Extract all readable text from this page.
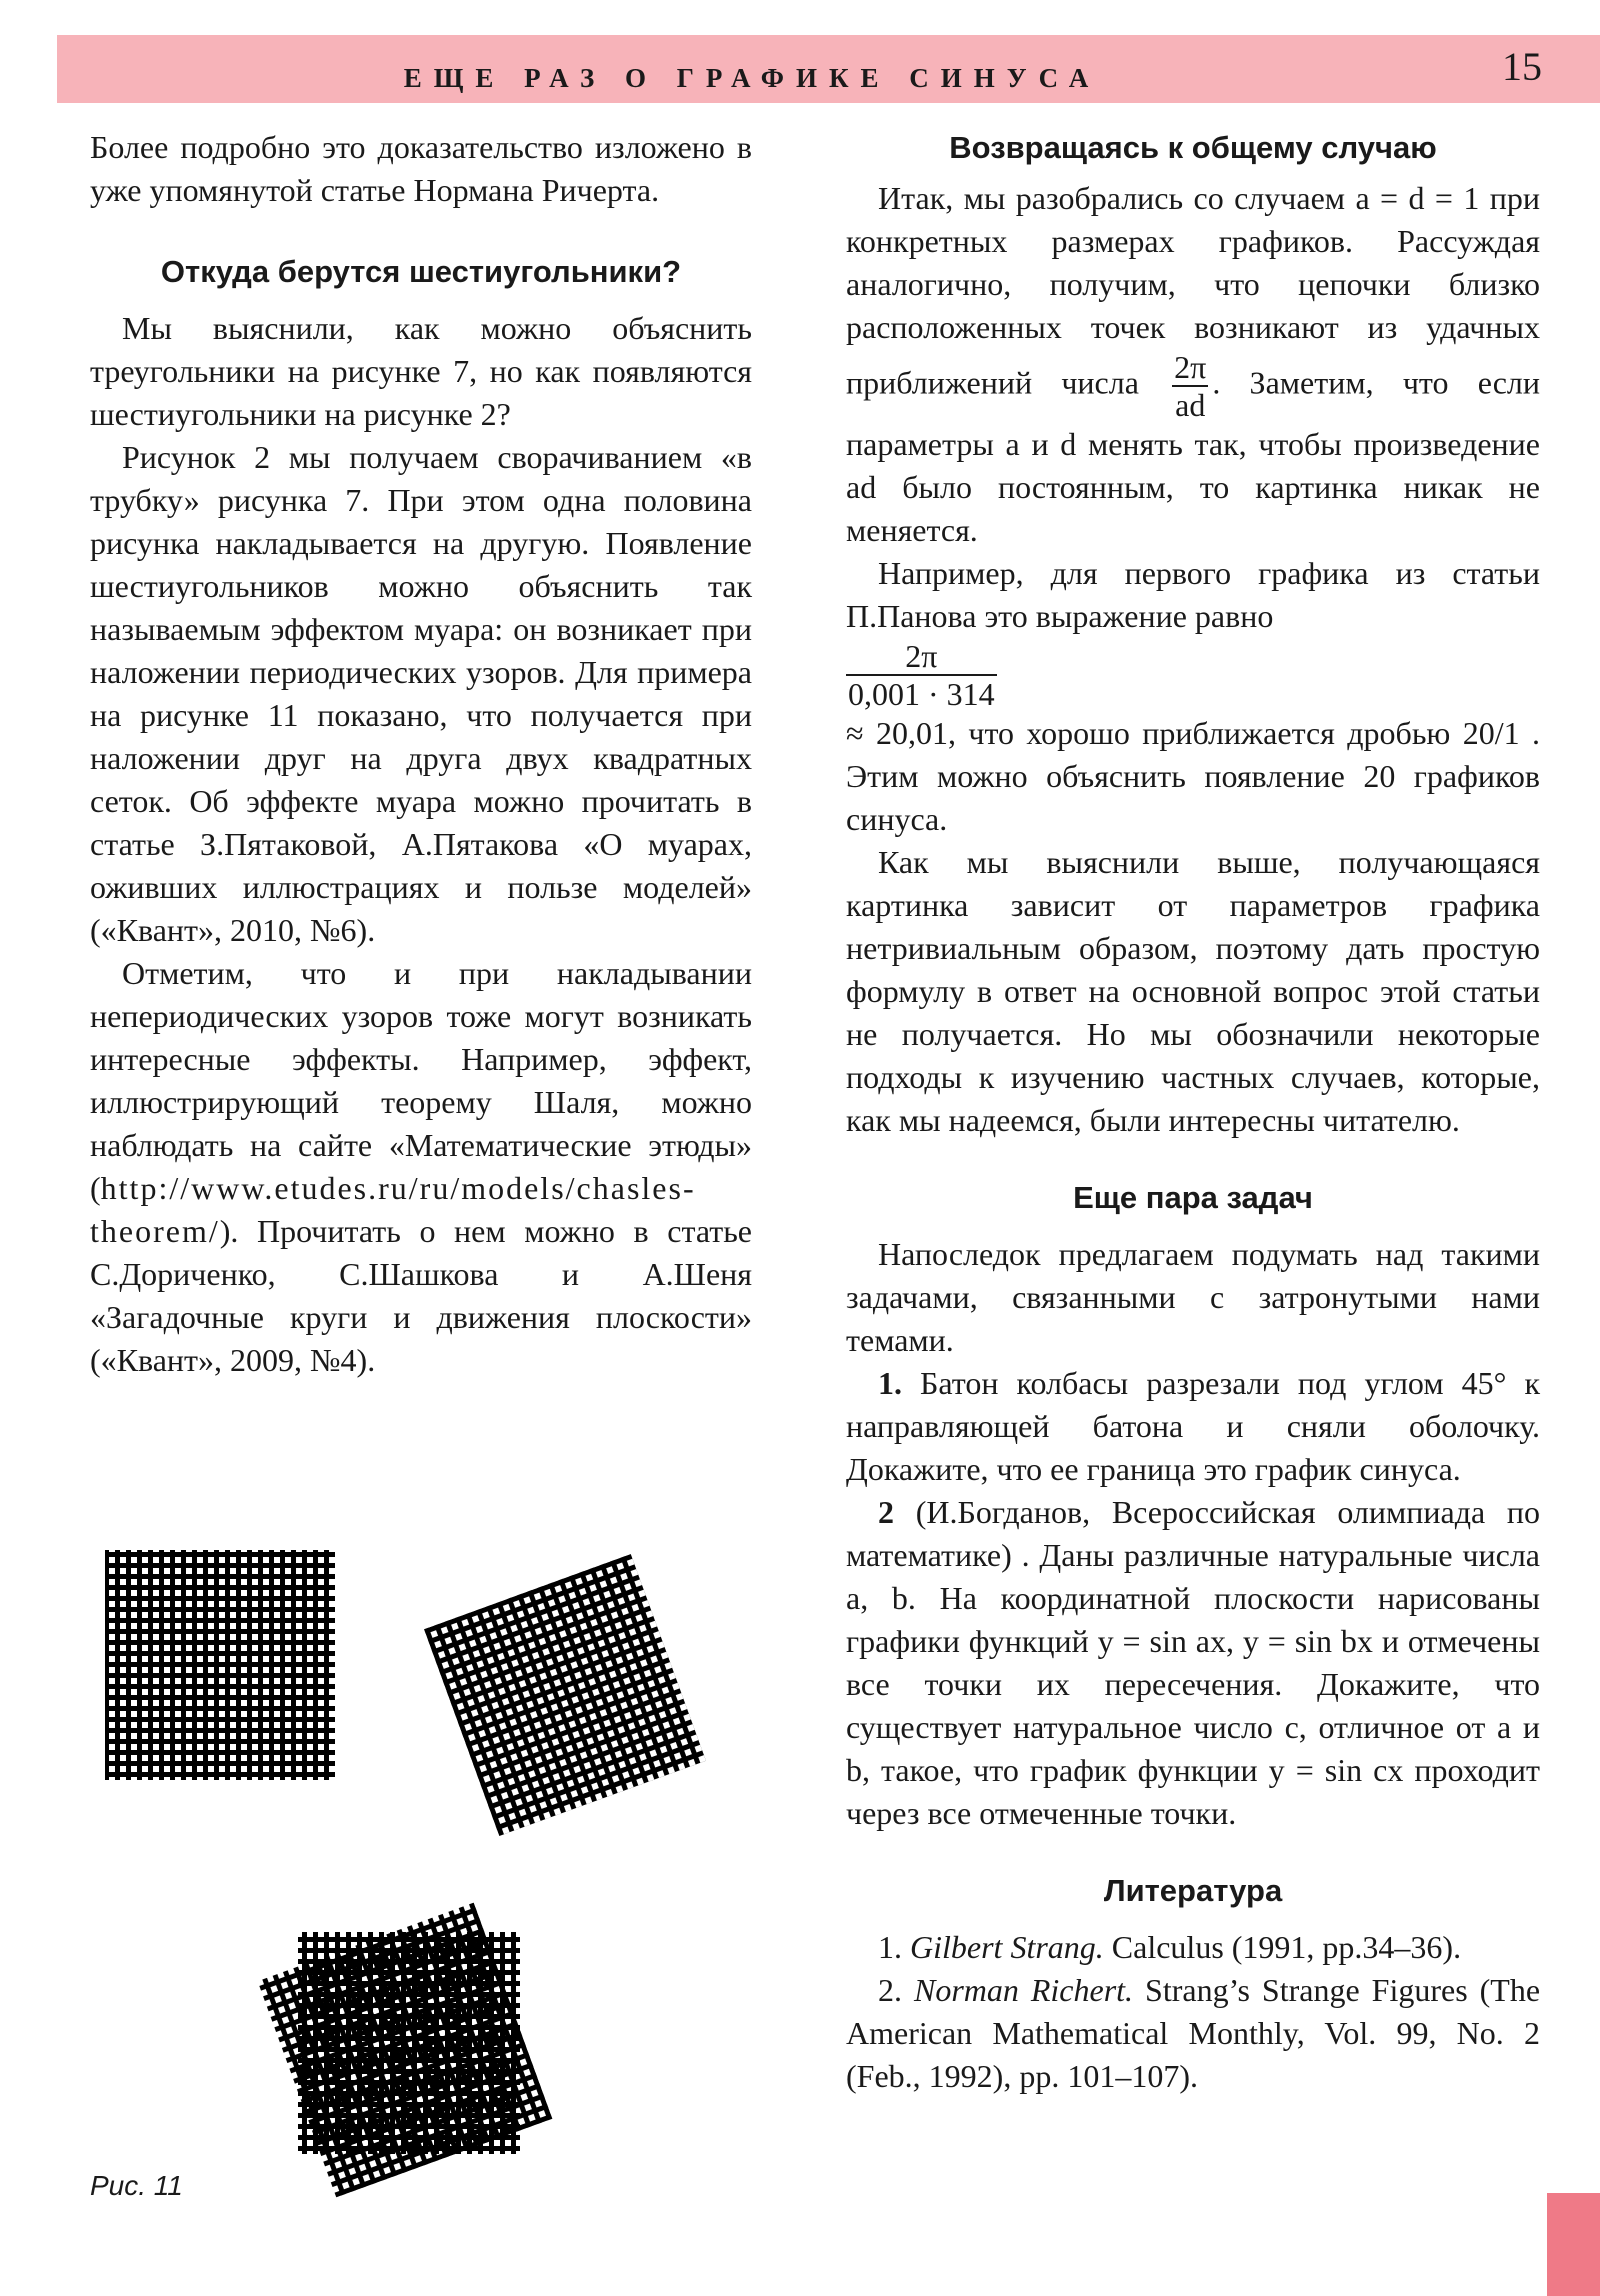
ЕЩЕ РАЗ О ГРАФИКЕ СИНУСА	15

Более подробно это доказательство изложено в уже упомянутой статье Нормана Ричерта.

Откуда берутся шестиугольники?

Мы выяснили, как можно объяснить треугольники на рисунке 7, но как появляются шестиугольники на рисунке 2?

Рисунок 2 мы получаем сворачиванием «в трубку» рисунка 7. При этом одна половина рисунка накладывается на другую. Появление шестиугольников можно объяснить так называемым эффектом муара: он возникает при наложении периодических узоров. Для примера на рисунке 11 показано, что получается при наложении друг на друга двух квадратных сеток. Об эффекте муара можно прочитать в статье З.Пятаковой, А.Пятакова «О муарах, оживших иллюстрациях и пользе моделей» («Квант», 2010, №6).

Отметим, что и при накладывании непериодических узоров тоже могут возникать интересные эффекты. Например, эффект, иллюстрирующий теорему Шаля, можно наблюдать на сайте «Математические этюды» (http://www.etudes.ru/ru/models/chasles-theorem/). Прочитать о нем можно в статье С.Дориченко, С.Шашкова и А.Шеня «Загадочные круги и движения плоскости» («Квант», 2009, №4).

Рис. 11
Возвращаясь к общему случаю

Итак, мы разобрались со случаем a = d = 1 при конкретных размерах графиков. Рассуждая аналогично, получим, что цепочки близко расположенных точек возникают из удачных приближений числа $\frac{2\pi}{ad}$ . Заметим, что если параметры a и d менять так, чтобы произведение ad было постоянным, то картинка никак не меняется.

Например, для первого графика из статьи П.Панова это выражение равно

$\frac{2\pi}{0,001 \cdot 314}$

≈ 20,01, что хорошо приближается дробью 20/1 . Этим можно объяснить появление 20 графиков синуса.

Как мы выяснили выше, получающаяся картинка зависит от параметров графика нетривиальным образом, поэтому дать простую формулу в ответ на основной вопрос этой статьи не получается. Но мы обозначили некоторые подходы к изучению частных случаев, которые, как мы надеемся, были интересны читателю.

Еще пара задач

Напоследок предлагаем подумать над такими задачами, связанными с затронутыми нами темами.

1. Батон колбасы разрезали под углом 45° к направляющей батона и сняли оболочку. Докажите, что ее граница это график синуса.

2 (И.Богданов, Всероссийская олимпиада по математике) . Даны различные натуральные числа a, b. На координатной плоскости нарисованы графики функций y = sin ax, y = sin bx и отмечены все точки их пересечения. Докажите, что существует натуральное число c, отличное от a и b, такое, что график функции y = sin cx проходит через все отмеченные точки.

Литература

1. Gilbert Strang. Calculus (1991, pp.34–36).

2. Norman Richert. Strang’s Strange Figures (The American Mathematical Monthly, Vol. 99, No. 2 (Feb., 1992), pp. 101–107).
